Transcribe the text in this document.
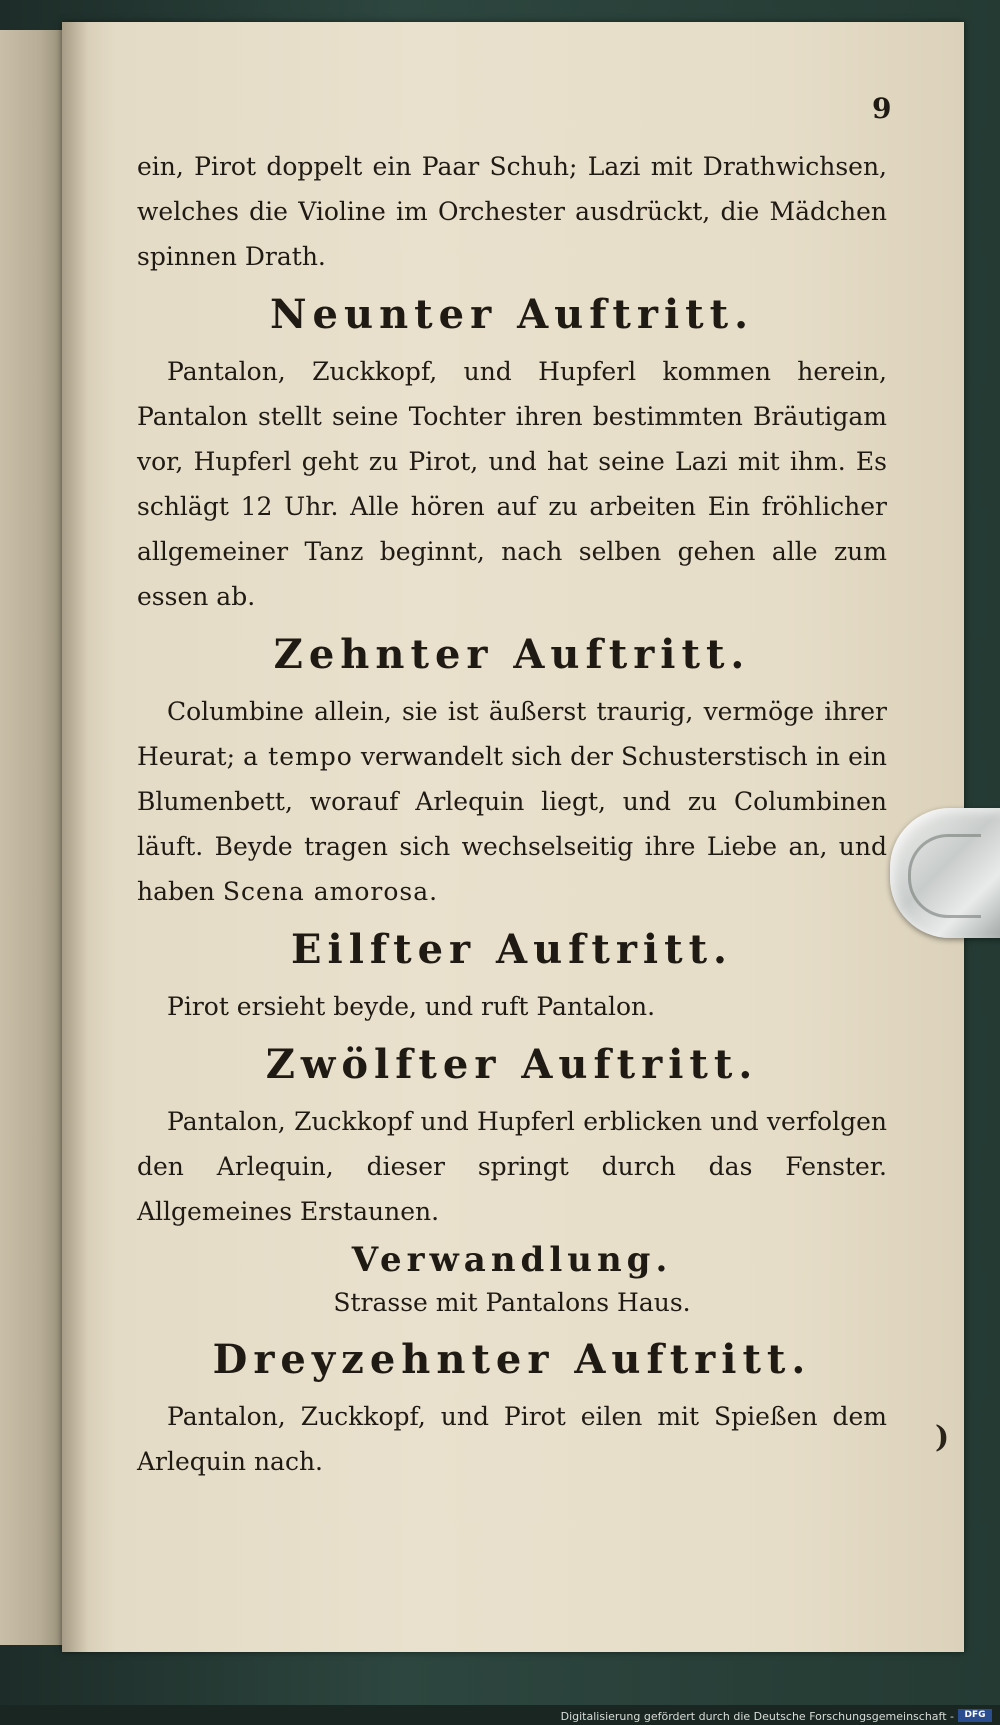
9

ein, Pirot doppelt ein Paar Schuh; Lazi mit Drathwichsen, welches die Violine im Orchester ausdrückt, die Mädchen spinnen Drath.

Neunter Auftritt.

Pantalon, Zuckkopf, und Hupferl kommen herein, Pantalon stellt seine Tochter ihren bestimmten Bräutigam vor, Hupferl geht zu Pirot, und hat seine Lazi mit ihm. Es schlägt 12 Uhr. Alle hören auf zu arbeiten Ein fröhlicher allgemeiner Tanz beginnt, nach selben gehen alle zum essen ab.

Zehnter Auftritt.

Columbine allein, sie ist äußerst traurig, vermöge ihrer Heurat; a tempo verwandelt sich der Schusterstisch in ein Blumenbett, worauf Arlequin liegt, und zu Columbinen läuft. Beyde tragen sich wechselseitig ihre Liebe an, und haben Scena amorosa.

Eilfter Auftritt.

Pirot ersieht beyde, und ruft Pantalon.

Zwölfter Auftritt.

Pantalon, Zuckkopf und Hupferl erblicken und verfolgen den Arlequin, dieser springt durch das Fenster. Allgemeines Erstaunen.

Verwandlung.
Strasse mit Pantalons Haus.
Dreyzehnter Auftritt.

Pantalon, Zuckkopf, und Pirot eilen mit Spießen dem Arlequin nach.

)
Digitalisierung gefördert durch die Deutsche Forschungsgemeinschaft -	DFG
